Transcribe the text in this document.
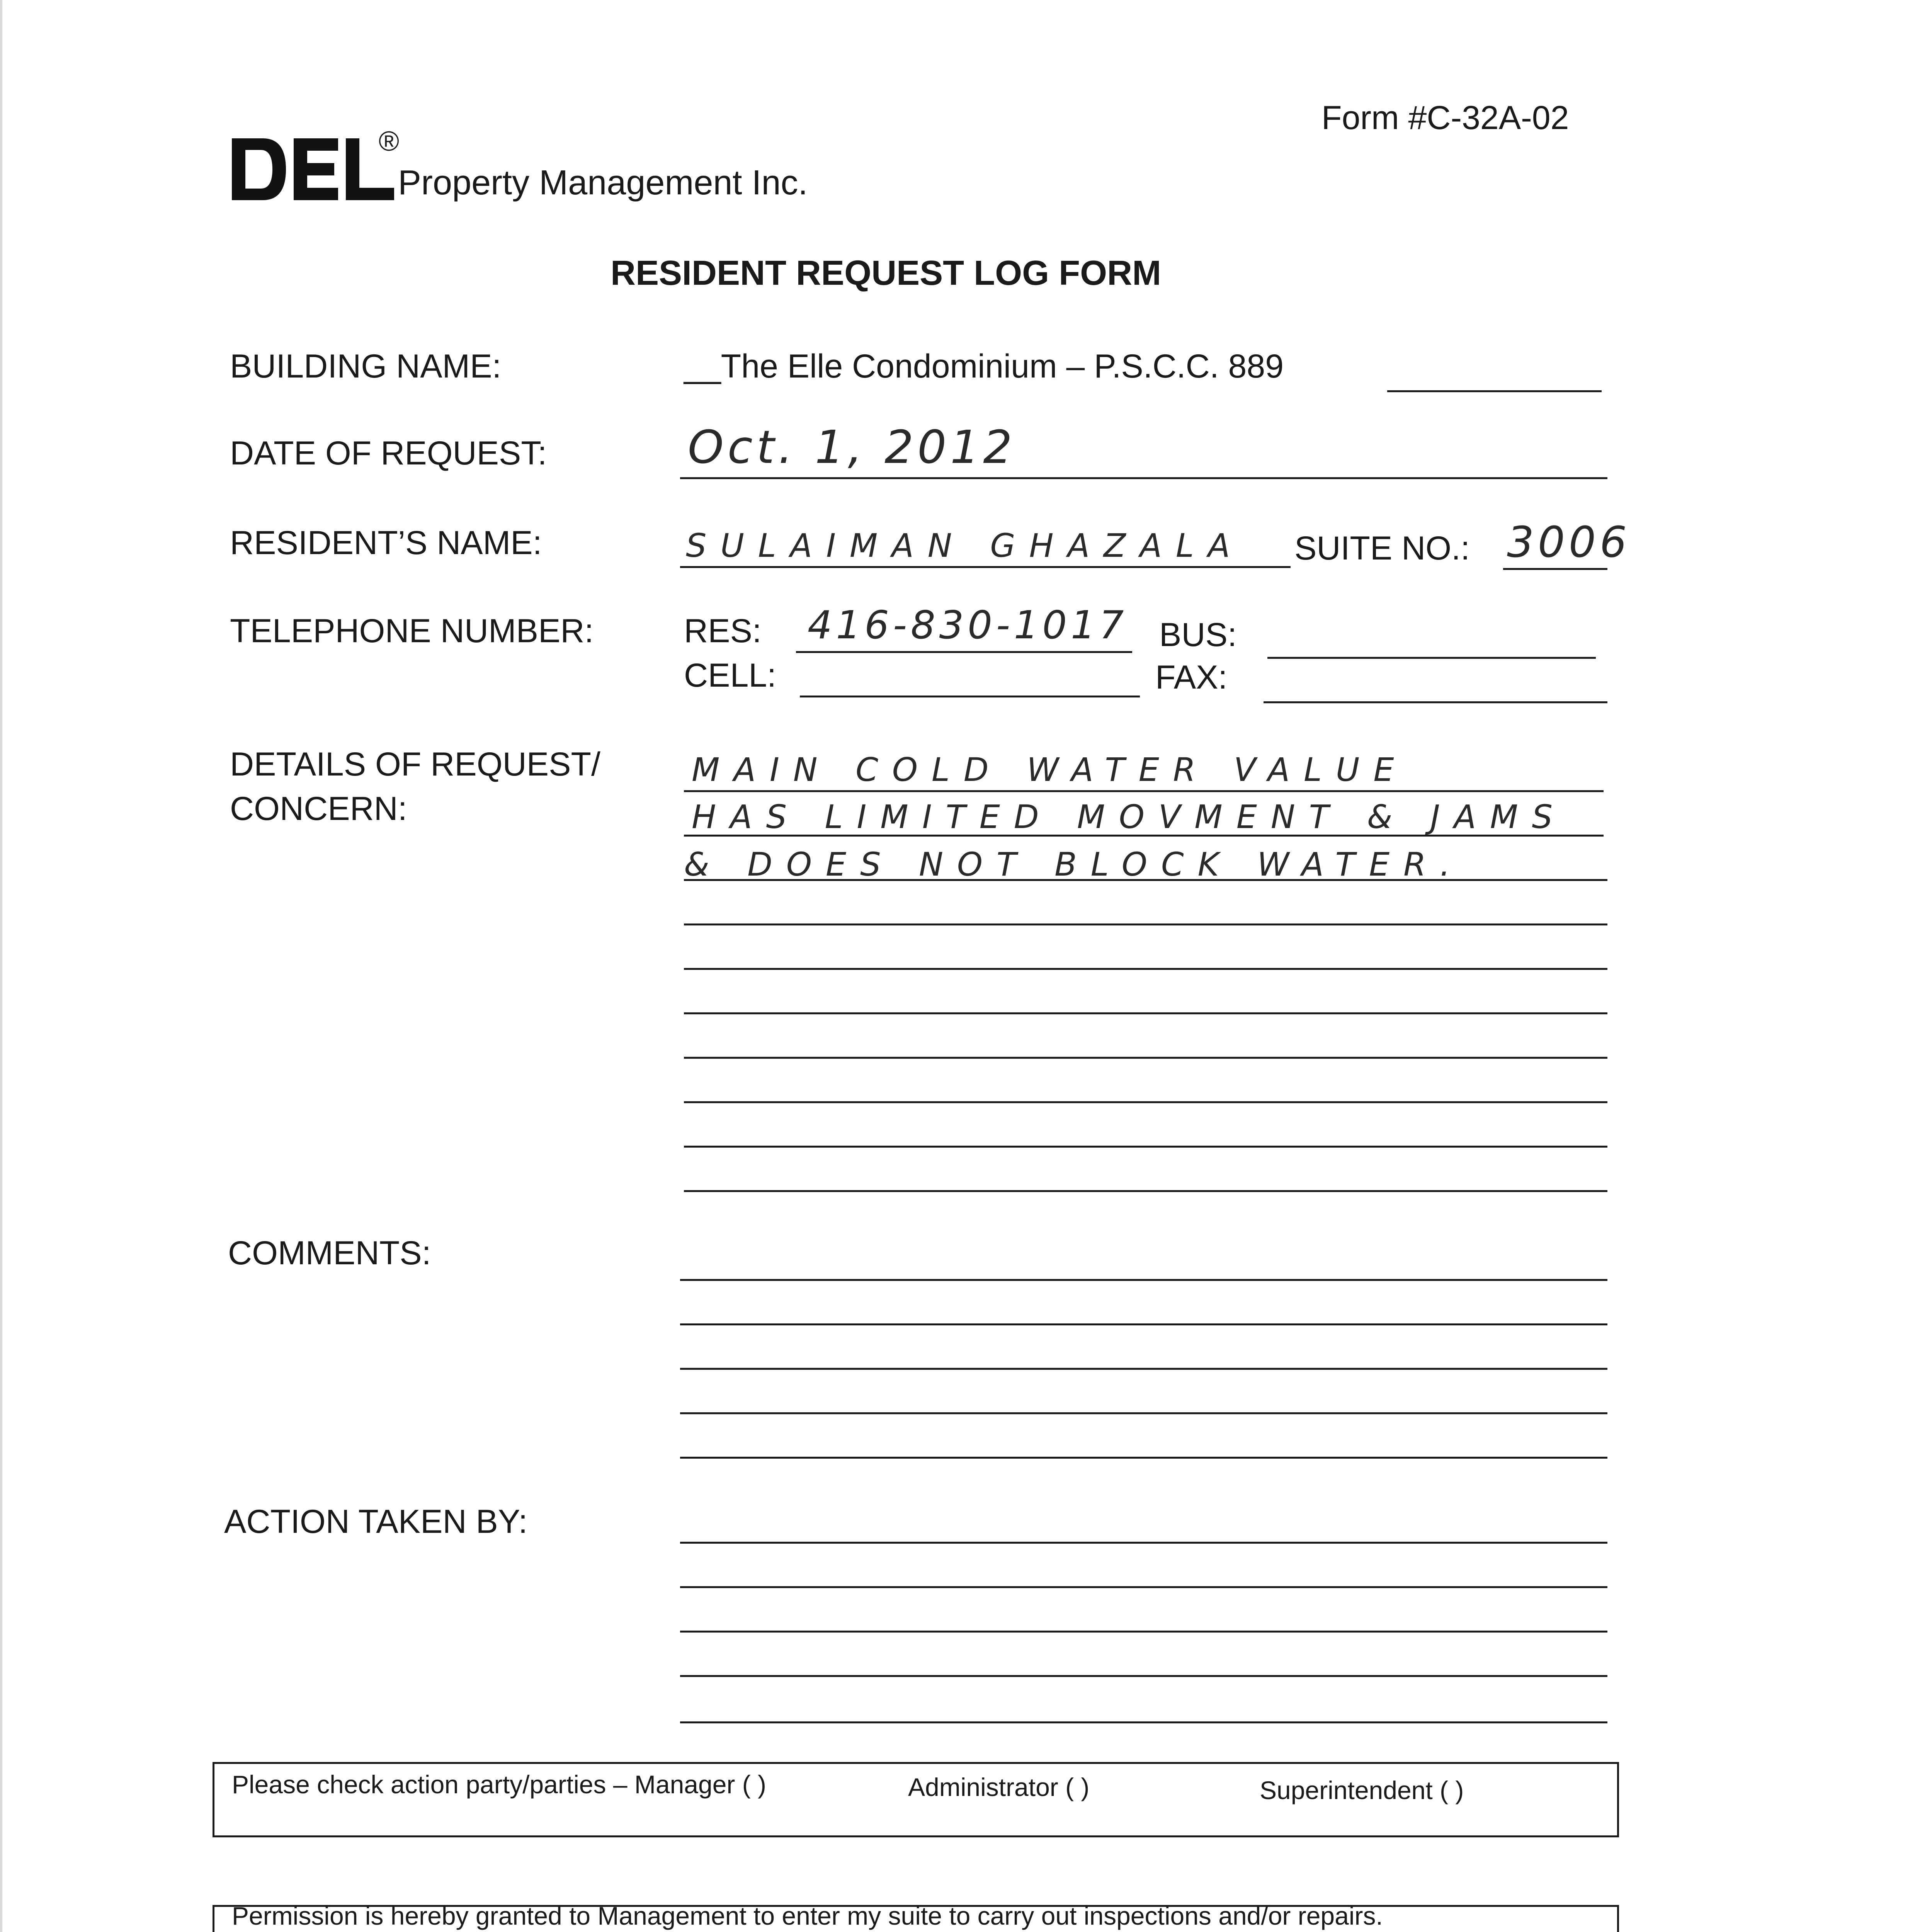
Form #C-32A-02
®
Property Management Inc.
RESIDENT REQUEST LOG FORM
BUILDING NAME:	__The Elle Condominium – P.S.C.C. 889
DATE OF REQUEST:	Oct. 1, 2012
RESIDENT’S NAME:	SULAIMAN GHAZALA SUITE NO.: 3006
TELEPHONE NUMBER:	RES: 416-830-1017 BUS:
CELL:	FAX:
DETAILS OF REQUEST/
CONCERN:
MAIN COLD WATER VALUE
HAS LIMITED MOVMENT & JAMS
& DOES NOT BLOCK WATER.
COMMENTS:
ACTION TAKEN BY:
Please check action party/parties – Manager ( )	Administrator ( )	Superintendent ( )
Permission is hereby granted to Management to enter my suite to carry out inspections and/or repairs.
